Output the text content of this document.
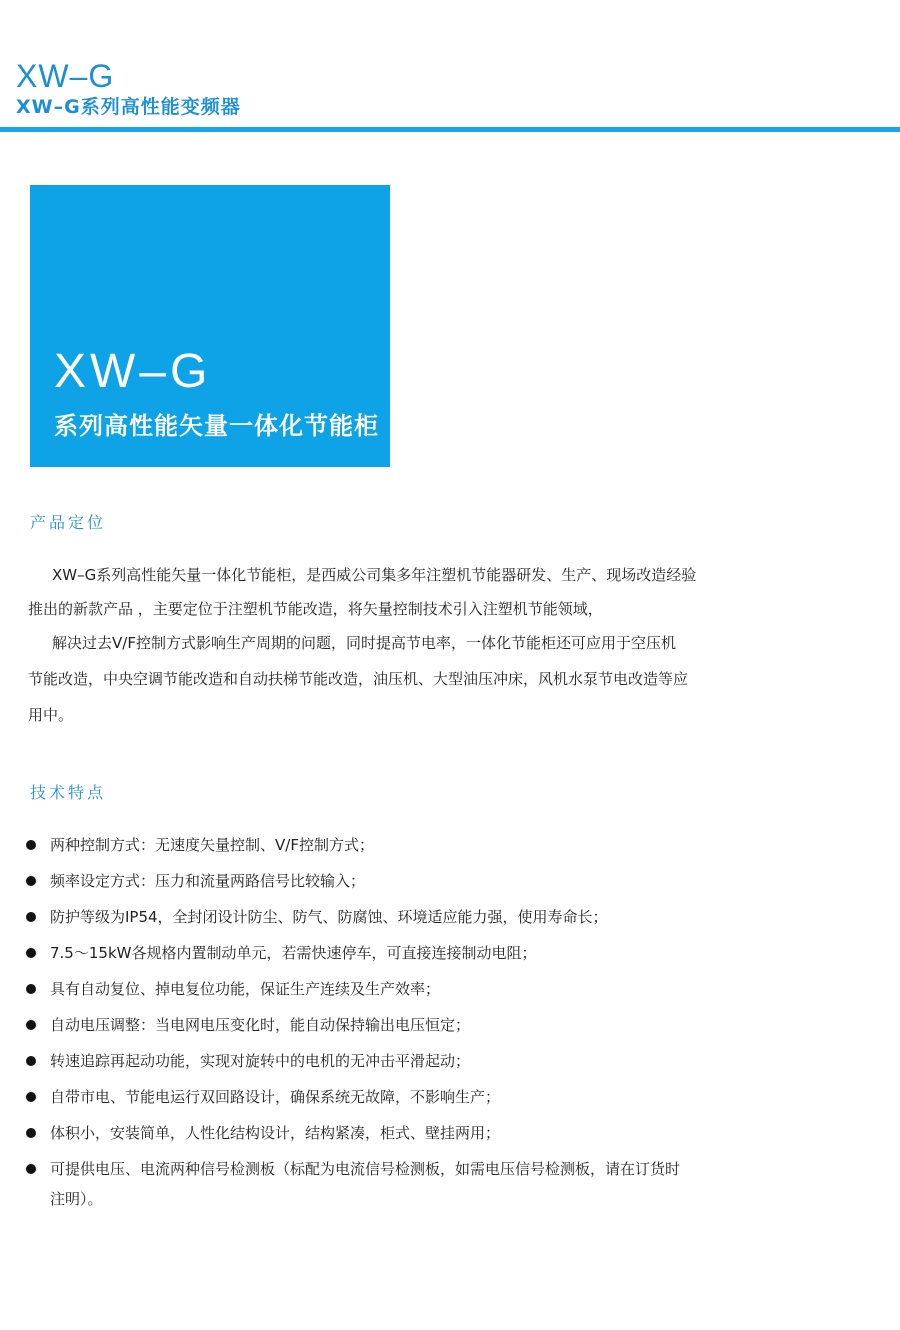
XW–G
XW–G系列高性能变频器
XW–G
系列高性能矢量一体化节能柜
产品定位
XW–G系列高性能矢量一体化节能柜，是西威公司集多年注塑机节能器研发、生产、现场改造经验
推出的新款产品 ，主要定位于注塑机节能改造，将矢量控制技术引入注塑机节能领域，
解决过去V/F控制方式影响生产周期的问题，同时提高节电率，一体化节能柜还可应用于空压机
节能改造，中央空调节能改造和自动扶梯节能改造，油压机、大型油压冲床，风机水泵节电改造等应
用中。
技术特点
两种控制方式：无速度矢量控制、V/F控制方式；
频率设定方式：压力和流量两路信号比较输入；
防护等级为IP54，全封闭设计防尘、防气、防腐蚀、环境适应能力强，使用寿命长；
7.5～15kW各规格内置制动单元，若需快速停车，可直接连接制动电阻；
具有自动复位、掉电复位功能，保证生产连续及生产效率；
自动电压调整：当电网电压变化时，能自动保持输出电压恒定；
转速追踪再起动功能，实现对旋转中的电机的无冲击平滑起动；
自带市电、节能电运行双回路设计，确保系统无故障，不影响生产；
体积小，安装简单，人性化结构设计，结构紧凑，柜式、壁挂两用；
可提供电压、电流两种信号检测板（标配为电流信号检测板，如需电压信号检测板，请在订货时
注明）。
